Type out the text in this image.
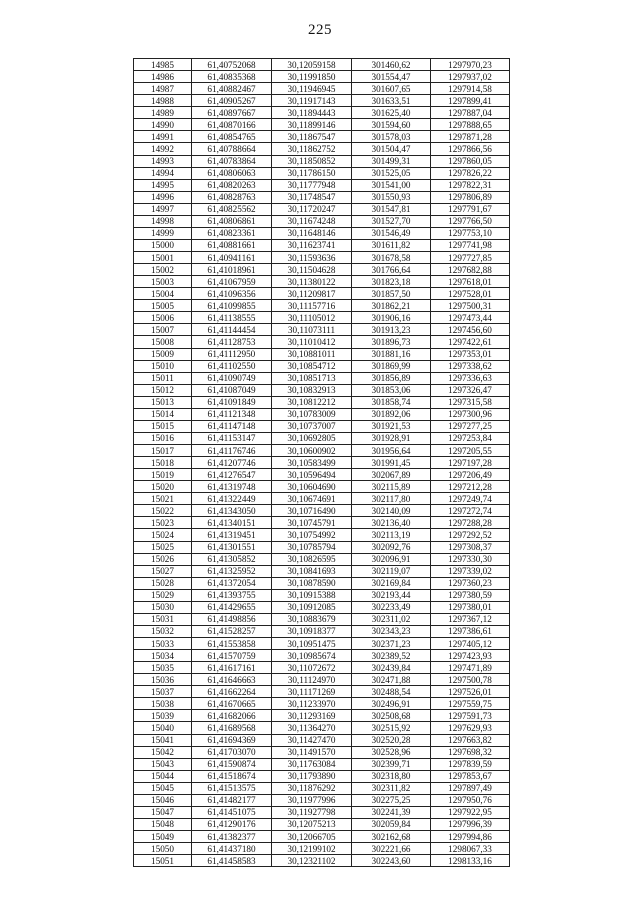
225
14985	61,40752068	30,12059158	301460,62	1297970,23
14986	61,40835368	30,11991850	301554,47	1297937,02
14987	61,40882467	30,11946945	301607,65	1297914,58
14988	61,40905267	30,11917143	301633,51	1297899,41
14989	61,40897667	30,11894443	301625,40	1297887,04
14990	61,40870166	30,11899146	301594,60	1297888,65
14991	61,40854765	30,11867547	301578,03	1297871,28
14992	61,40788664	30,11862752	301504,47	1297866,56
14993	61,40783864	30,11850852	301499,31	1297860,05
14994	61,40806063	30,11786150	301525,05	1297826,22
14995	61,40820263	30,11777948	301541,00	1297822,31
14996	61,40828763	30,11748547	301550,93	1297806,89
14997	61,40825562	30,11720247	301547,81	1297791,67
14998	61,40806861	30,11674248	301527,70	1297766,50
14999	61,40823361	30,11648146	301546,49	1297753,10
15000	61,40881661	30,11623741	301611,82	1297741,98
15001	61,40941161	30,11593636	301678,58	1297727,85
15002	61,41018961	30,11504628	301766,64	1297682,88
15003	61,41067959	30,11380122	301823,18	1297618,01
15004	61,41096356	30,11209817	301857,50	1297528,01
15005	61,41099855	30,11157716	301862,21	1297500,31
15006	61,41138555	30,11105012	301906,16	1297473,44
15007	61,41144454	30,11073111	301913,23	1297456,60
15008	61,41128753	30,11010412	301896,73	1297422,61
15009	61,41112950	30,10881011	301881,16	1297353,01
15010	61,41102550	30,10854712	301869,99	1297338,62
15011	61,41090749	30,10851713	301856,89	1297336,63
15012	61,41087049	30,10832913	301853,06	1297326,47
15013	61,41091849	30,10812212	301858,74	1297315,58
15014	61,41121348	30,10783009	301892,06	1297300,96
15015	61,41147148	30,10737007	301921,53	1297277,25
15016	61,41153147	30,10692805	301928,91	1297253,84
15017	61,41176746	30,10600902	301956,64	1297205,55
15018	61,41207746	30,10583499	301991,45	1297197,28
15019	61,41276547	30,10596494	302067,89	1297206,49
15020	61,41319748	30,10604690	302115,89	1297212,28
15021	61,41322449	30,10674691	302117,80	1297249,74
15022	61,41343050	30,10716490	302140,09	1297272,74
15023	61,41340151	30,10745791	302136,40	1297288,28
15024	61,41319451	30,10754992	302113,19	1297292,52
15025	61,41301551	30,10785794	302092,76	1297308,37
15026	61,41305852	30,10826595	302096,91	1297330,30
15027	61,41325952	30,10841693	302119,07	1297339,02
15028	61,41372054	30,10878590	302169,84	1297360,23
15029	61,41393755	30,10915388	302193,44	1297380,59
15030	61,41429655	30,10912085	302233,49	1297380,01
15031	61,41498856	30,10883679	302311,02	1297367,12
15032	61,41528257	30,10918377	302343,23	1297386,61
15033	61,41553858	30,10951475	302371,23	1297405,12
15034	61,41570759	30,10985674	302389,52	1297423,93
15035	61,41617161	30,11072672	302439,84	1297471,89
15036	61,41646663	30,11124970	302471,88	1297500,78
15037	61,41662264	30,11171269	302488,54	1297526,01
15038	61,41670665	30,11233970	302496,91	1297559,75
15039	61,41682066	30,11293169	302508,68	1297591,73
15040	61,41689568	30,11364270	302515,92	1297629,93
15041	61,41694369	30,11427470	302520,28	1297663,82
15042	61,41703070	30,11491570	302528,96	1297698,32
15043	61,41590874	30,11763084	302399,71	1297839,59
15044	61,41518674	30,11793890	302318,80	1297853,67
15045	61,41513575	30,11876292	302311,82	1297897,49
15046	61,41482177	30,11977996	302275,25	1297950,76
15047	61,41451075	30,11927798	302241,39	1297922,95
15048	61,41290176	30,12075213	302059,84	1297996,39
15049	61,41382377	30,12066705	302162,68	1297994,86
15050	61,41437180	30,12199102	302221,66	1298067,33
15051	61,41458583	30,12321102	302243,60	1298133,16
